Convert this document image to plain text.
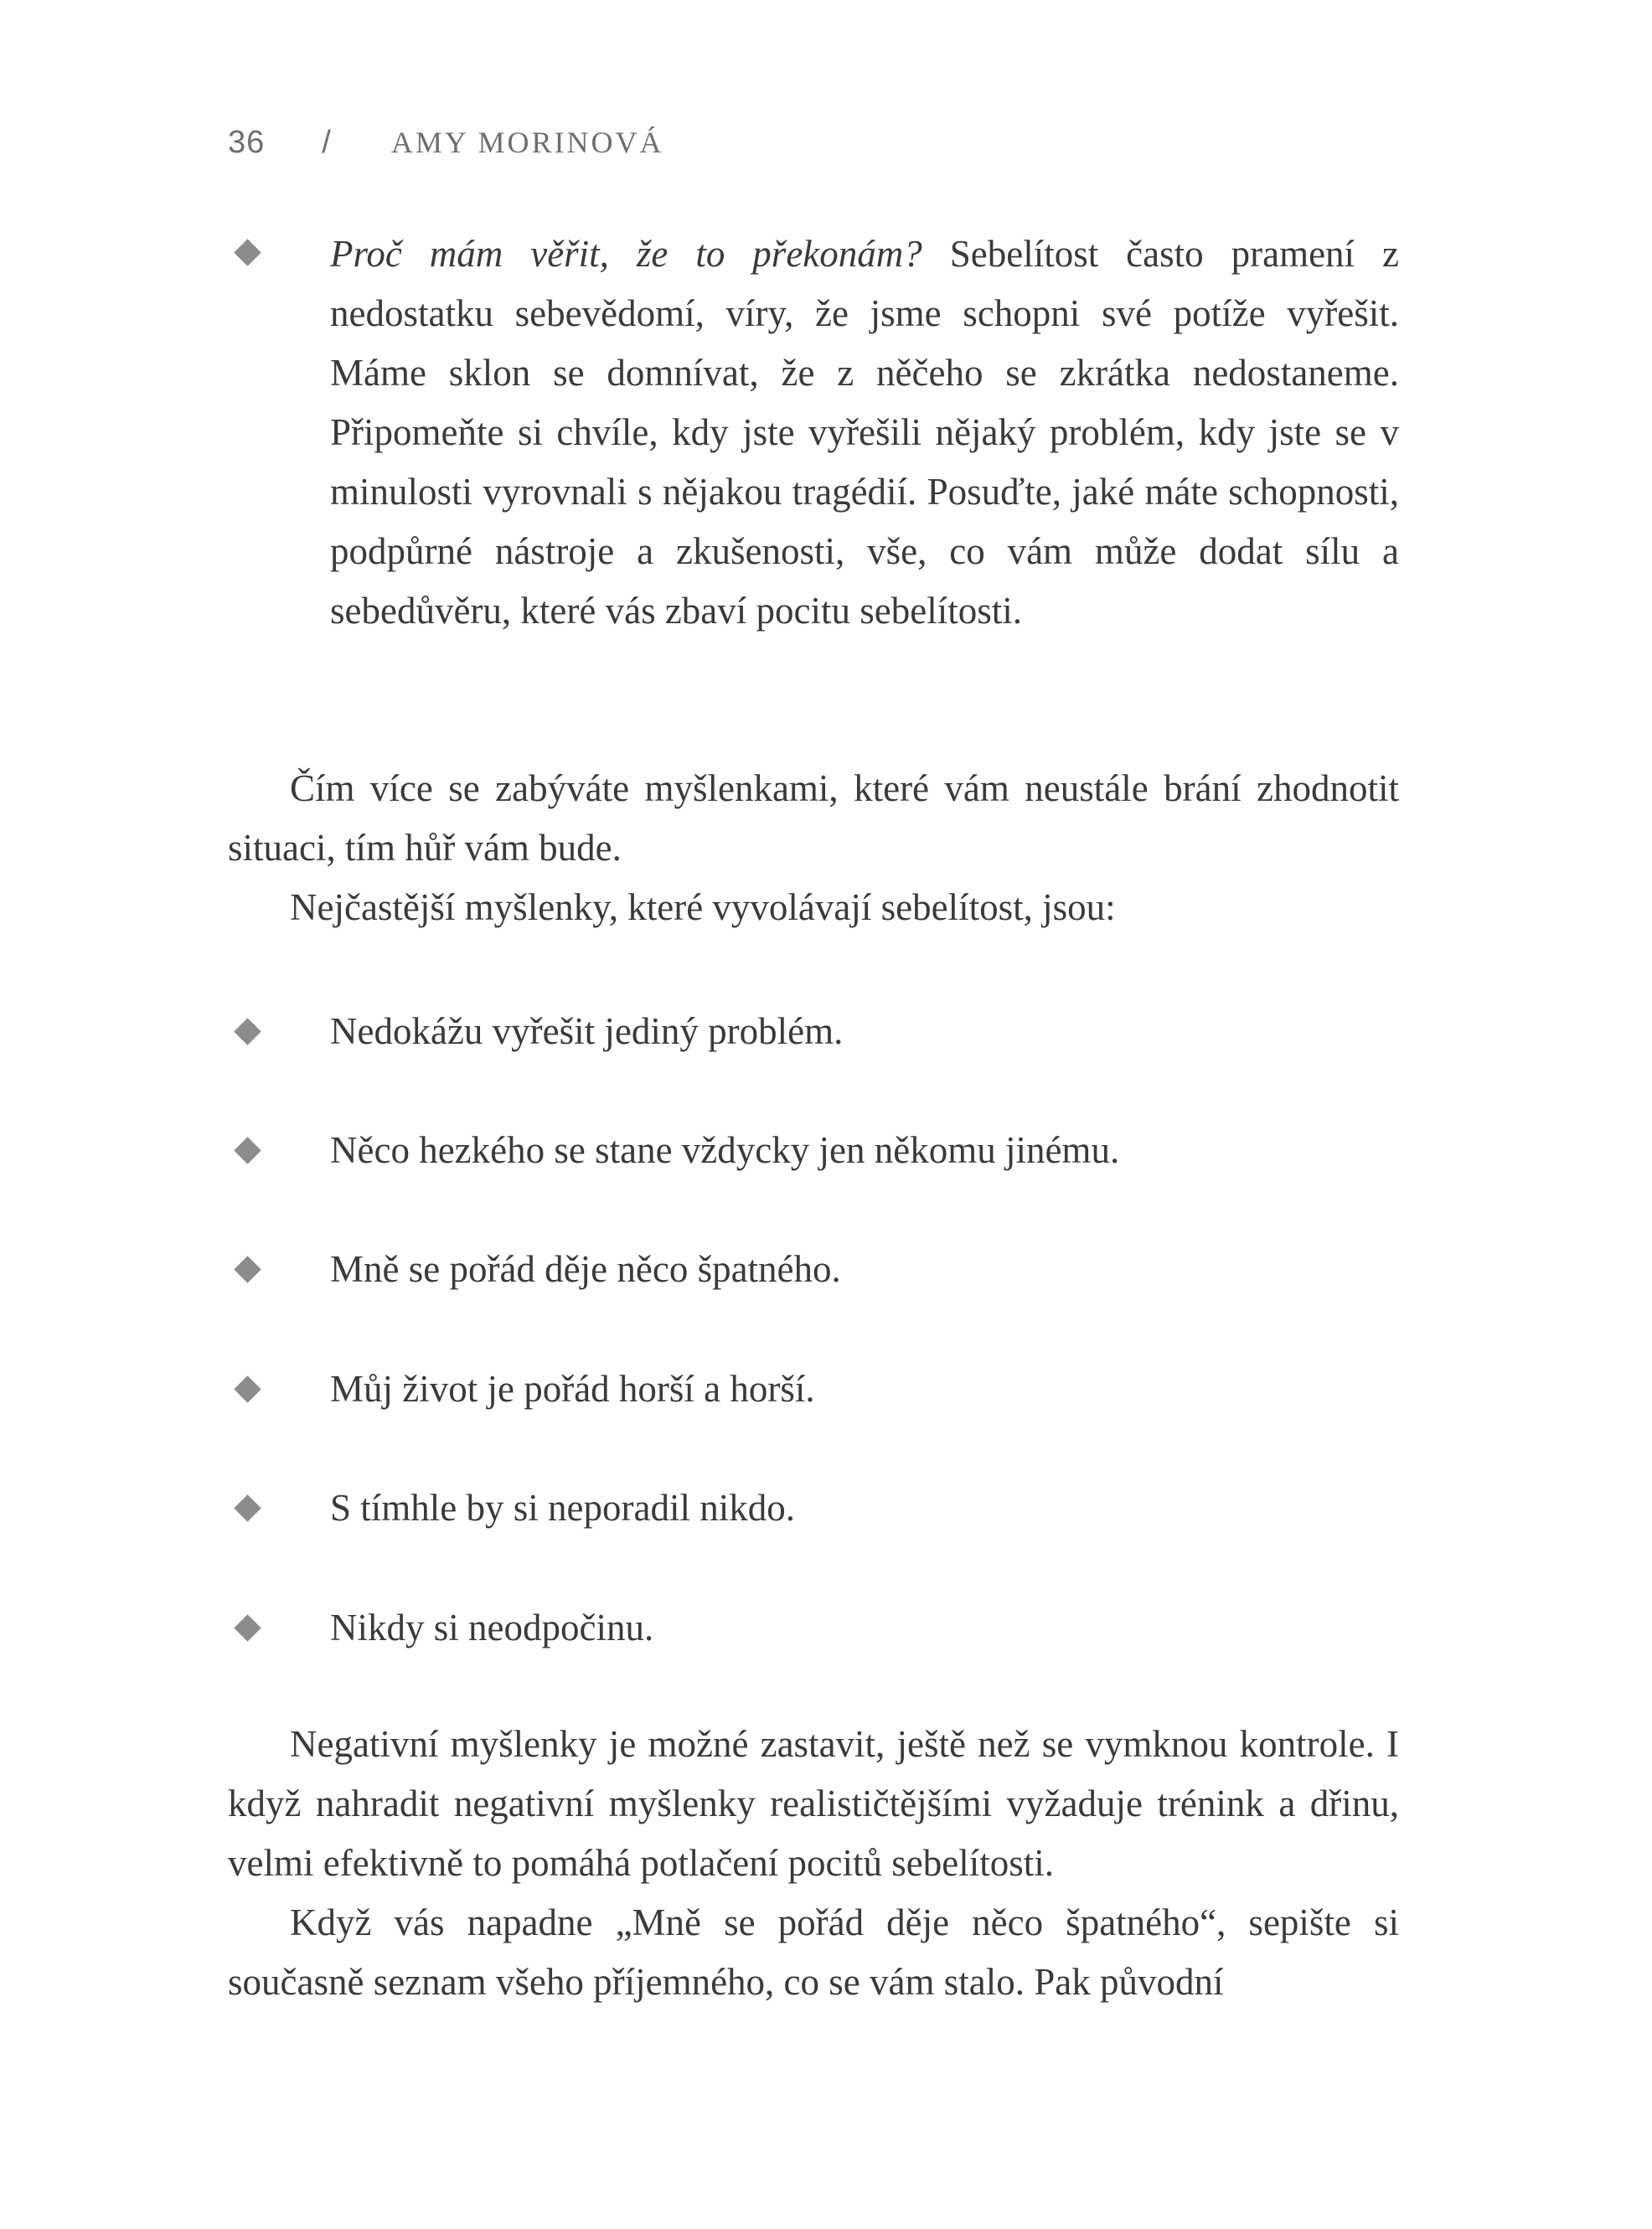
36 / AMY MORINOVÁ
Proč mám věřit, že to překonám? Sebelítost často pramení z nedostatku sebevědomí, víry, že jsme schopni své potíže vyřešit. Máme sklon se domnívat, že z něčeho se zkrátka nedostaneme. Připomeňte si chvíle, kdy jste vyřešili nějaký problém, kdy jste se v minulosti vyrovnali s nějakou tragédií. Posuďte, jaké máte schopnosti, podpůrné nástroje a zkušenosti, vše, co vám může dodat sílu a sebedůvěru, které vás zbaví pocitu sebelítosti.

Čím více se zabýváte myšlenkami, které vám neustále brání zhodnotit situaci, tím hůř vám bude.

Nejčastější myšlenky, které vyvolávají sebelítost, jsou:

Nedokážu vyřešit jediný problém.
Něco hezkého se stane vždycky jen někomu jinému.
Mně se pořád děje něco špatného.
Můj život je pořád horší a horší.
S tímhle by si neporadil nikdo.
Nikdy si neodpočinu.

Negativní myšlenky je možné zastavit, ještě než se vymknou kontrole. I když nahradit negativní myšlenky realističtějšími vyžaduje trénink a dřinu, velmi efektivně to pomáhá potlačení pocitů sebelítosti.

Když vás napadne „Mně se pořád děje něco špatného“, sepište si současně seznam všeho příjemného, co se vám stalo. Pak původní
